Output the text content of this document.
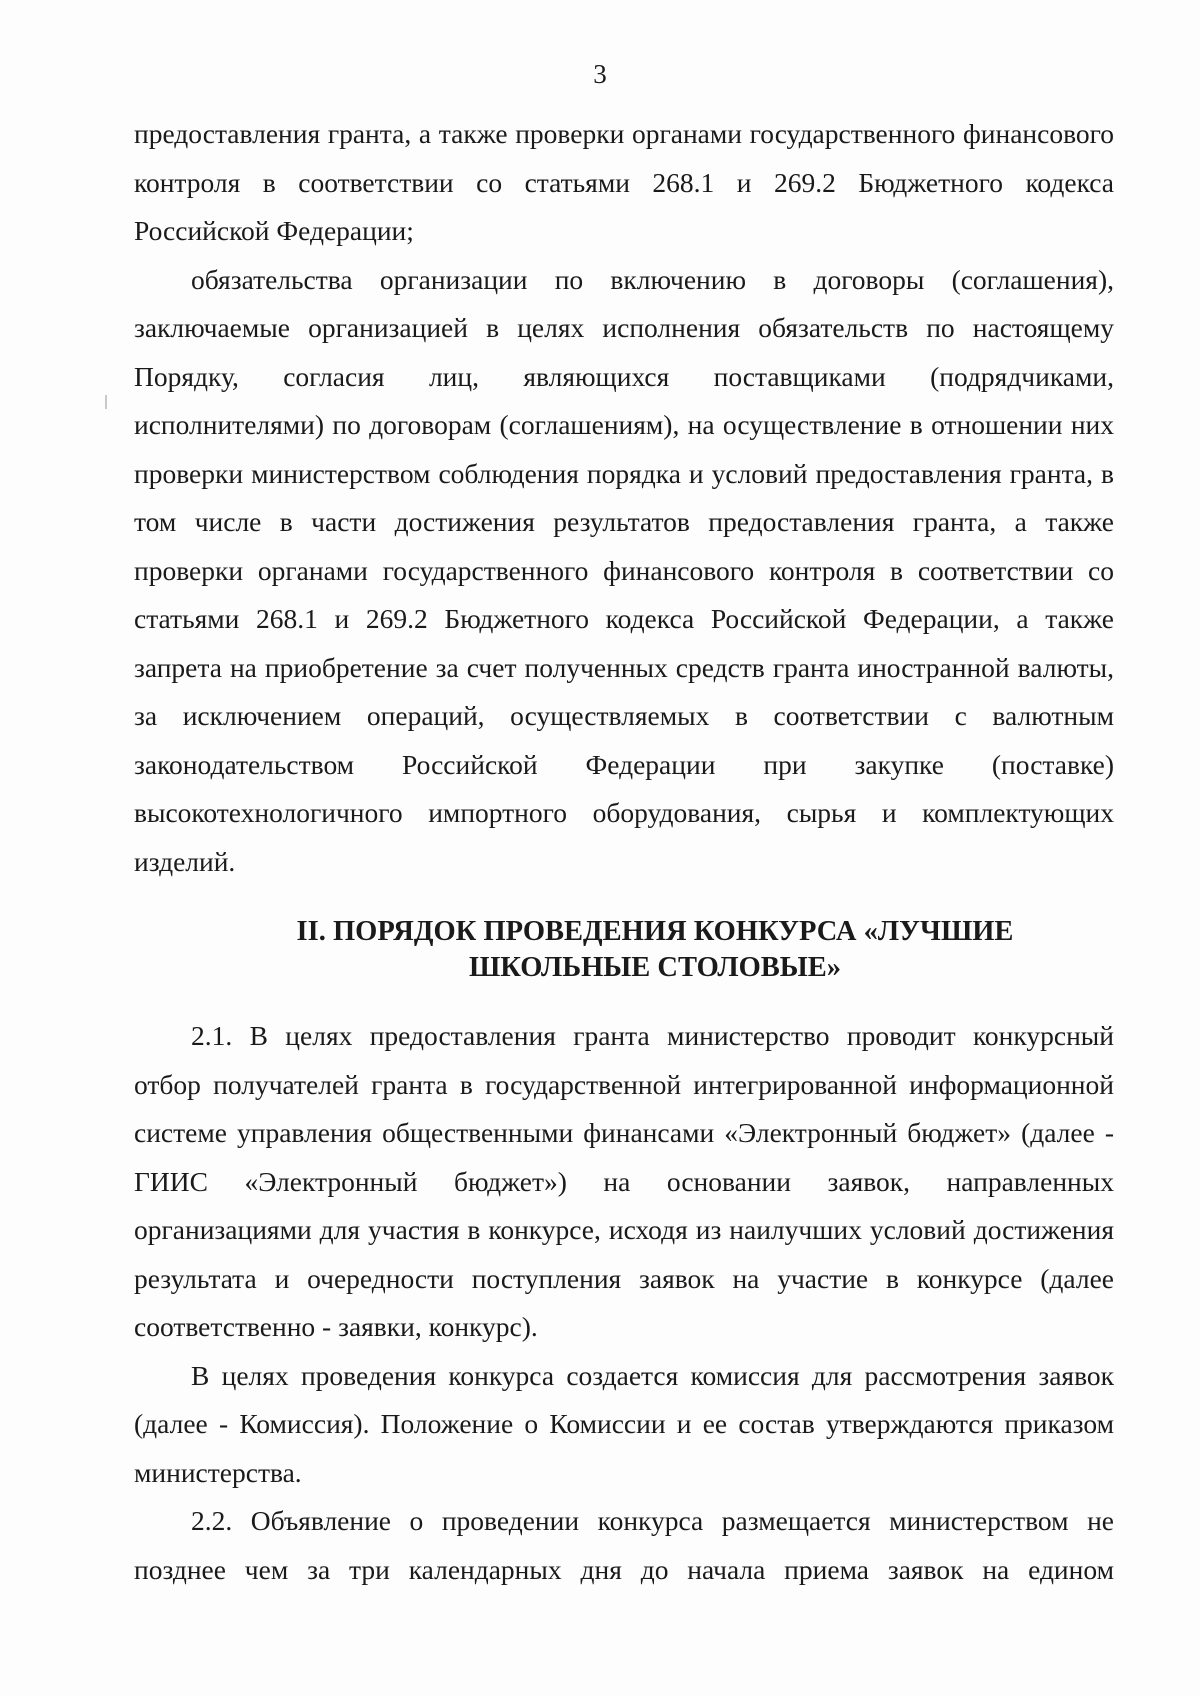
3

предоставления гранта, а также проверки органами государственного финансового контроля в соответствии со статьями 268.1 и 269.2 Бюджетного кодекса Российской Федерации;

обязательства организации по включению в договоры (соглашения), заключаемые организацией в целях исполнения обязательств по настоящему Порядку, согласия лиц, являющихся поставщиками (подрядчиками, исполнителями) по договорам (соглашениям), на осуществление в отношении них проверки министерством соблюдения порядка и условий предоставления гранта, в том числе в части достижения результатов предоставления гранта, а также проверки органами государственного финансового контроля в соответствии со статьями 268.1 и 269.2 Бюджетного кодекса Российской Федерации, а также запрета на приобретение за счет полученных средств гранта иностранной валюты, за исключением операций, осуществляемых в соответствии с валютным законодательством Российской Федерации при закупке (поставке) высокотехнологичного импортного оборудования, сырья и комплектующих изделий.

II. ПОРЯДОК ПРОВЕДЕНИЯ КОНКУРСА «ЛУЧШИЕ
ШКОЛЬНЫЕ СТОЛОВЫЕ»

2.1. В целях предоставления гранта министерство проводит конкурсный отбор получателей гранта в государственной интегрированной информационной системе управления общественными финансами «Электронный бюджет» (далее - ГИИС «Электронный бюджет») на основании заявок, направленных организациями для участия в конкурсе, исходя из наилучших условий достижения результата и очередности поступления заявок на участие в конкурсе (далее соответственно - заявки, конкурс).

В целях проведения конкурса создается комиссия для рассмотрения заявок (далее - Комиссия). Положение о Комиссии и ее состав утверждаются приказом министерства.

2.2. Объявление о проведении конкурса размещается министерством не позднее чем за три календарных дня до начала приема заявок на едином
